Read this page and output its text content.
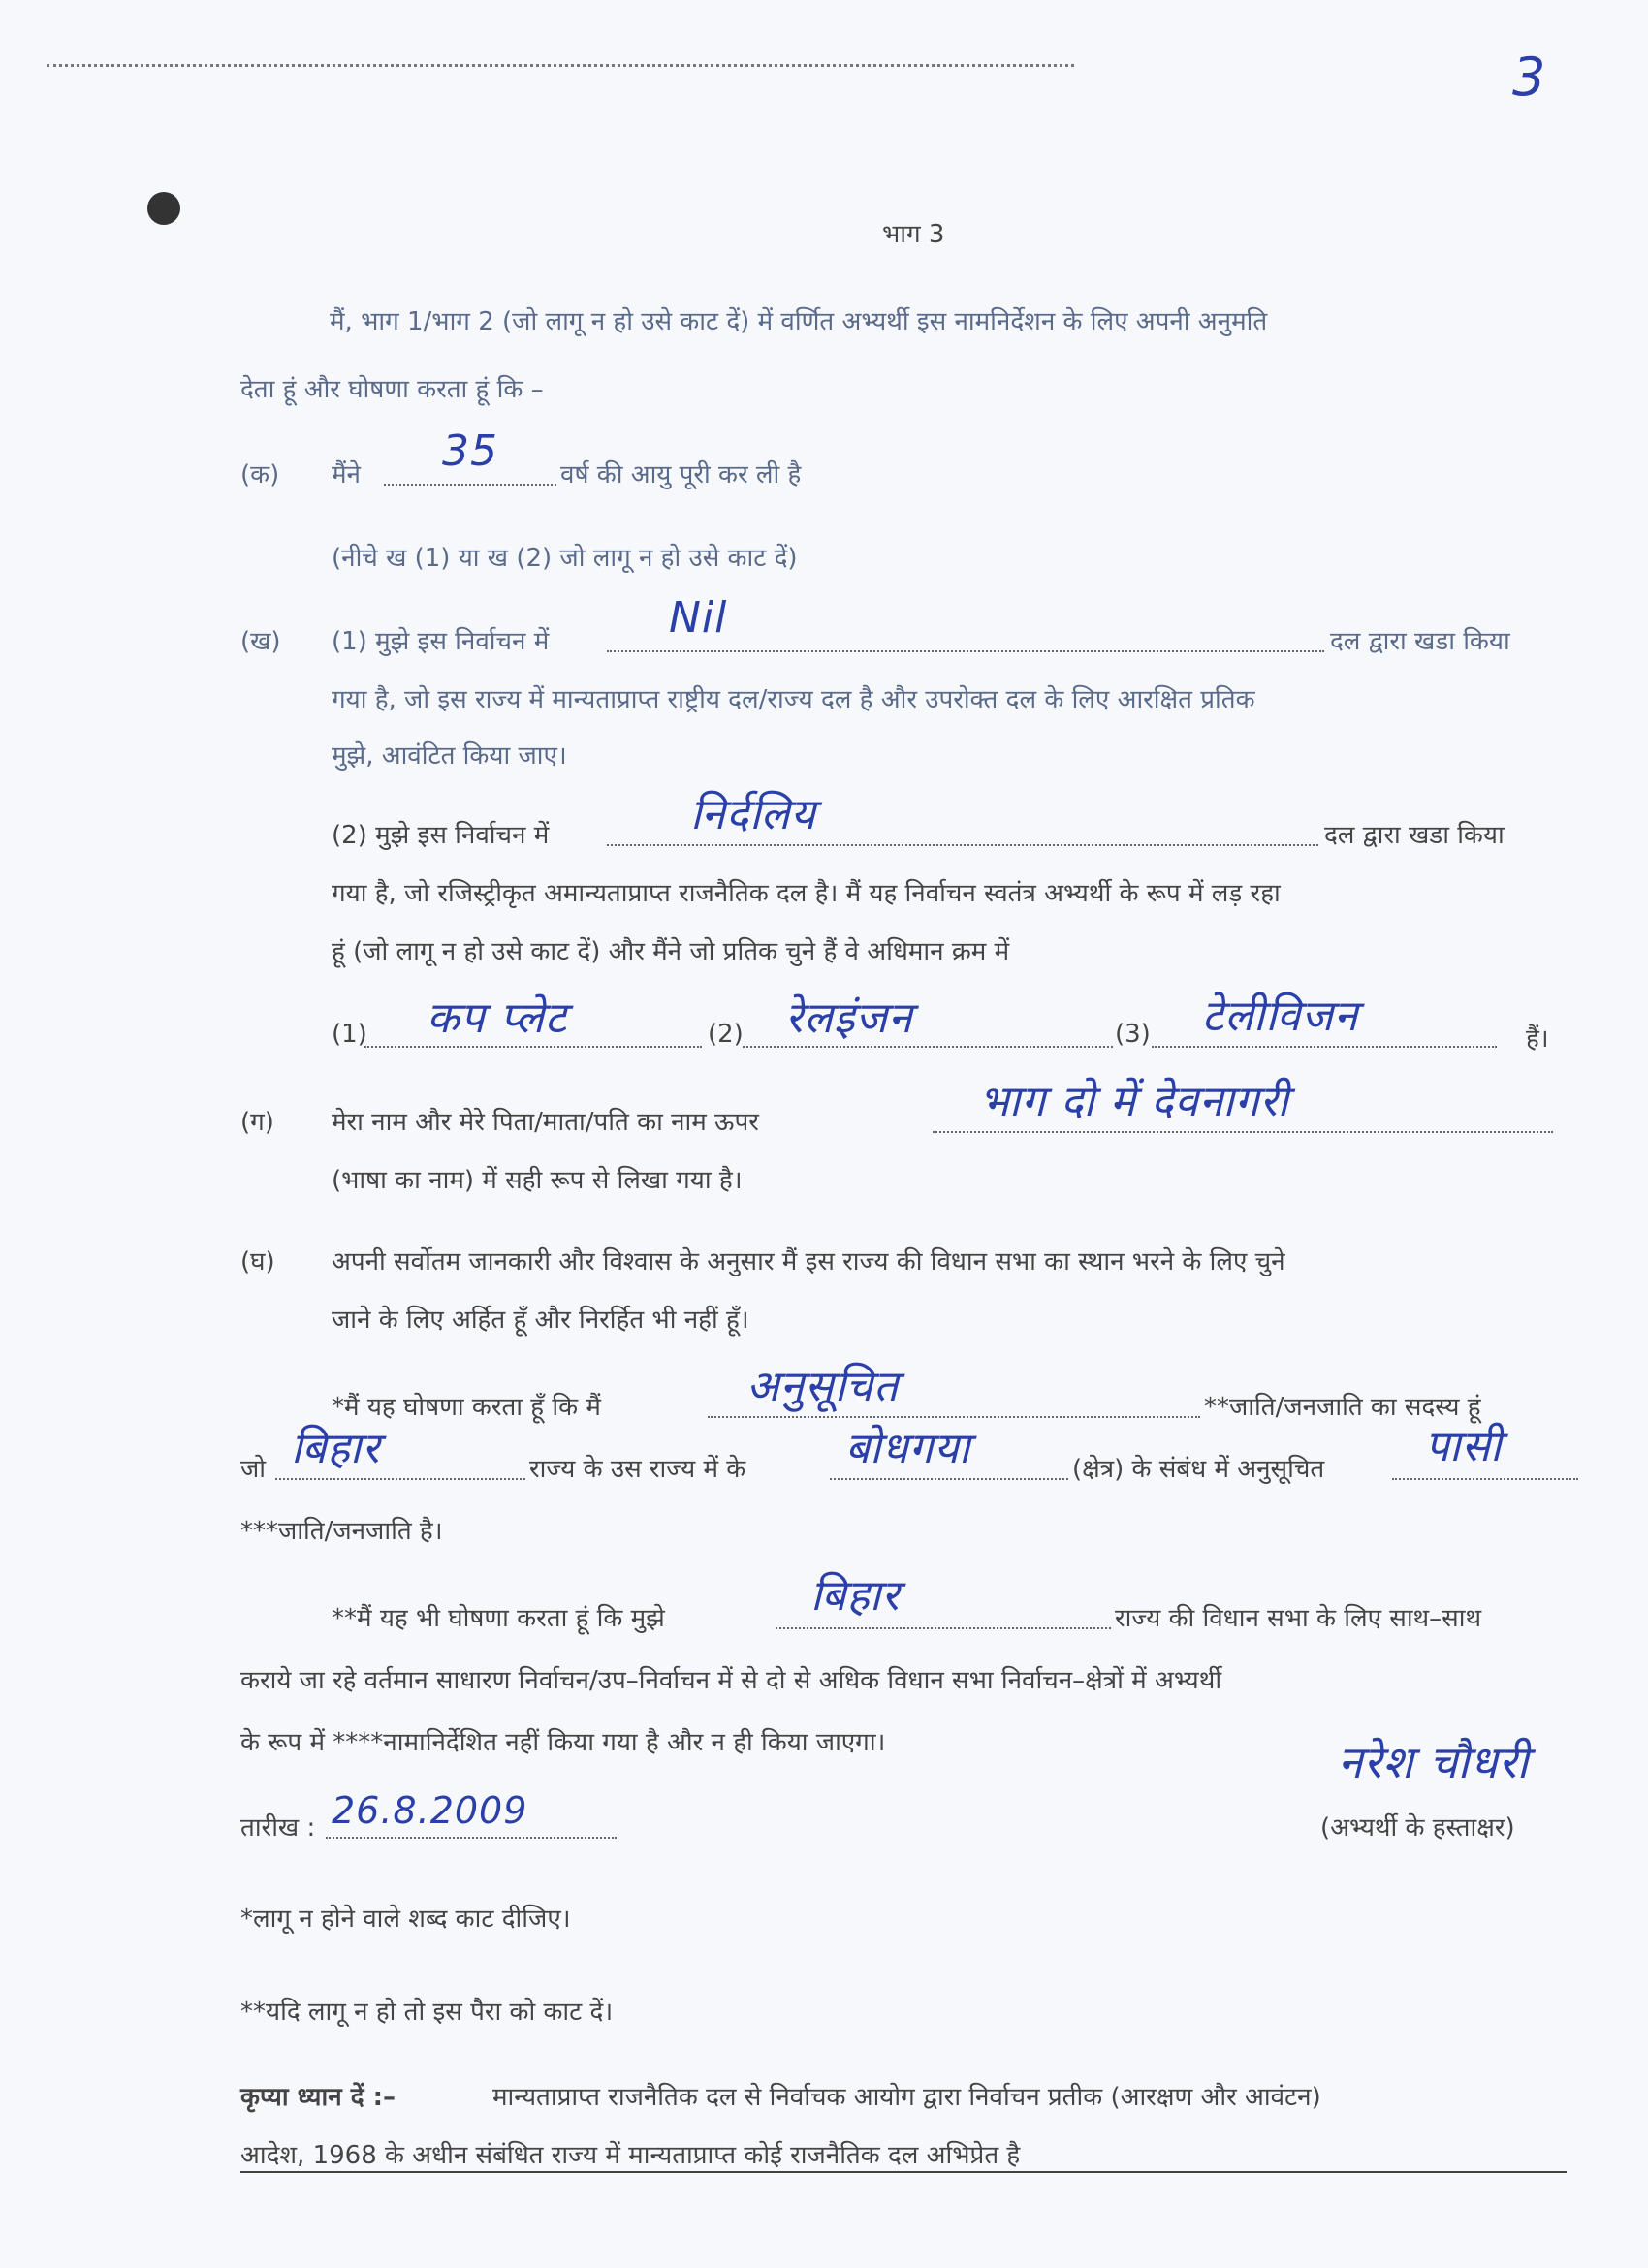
3
भाग 3
मैं, भाग 1/भाग 2 (जो लागू न हो उसे काट दें) में वर्णित अभ्यर्थी इस नामनिर्देशन के लिए अपनी अनुमति
देता हूं और घोषणा करता हूं कि –
(क) मैंने 35 वर्ष की आयु पूरी कर ली है
(नीचे ख (1) या ख (2) जो लागू न हो उसे काट दें)
(ख) (1) मुझे इस निर्वाचन में	Nil	दल द्वारा खडा किया
गया है, जो इस राज्य में मान्यताप्राप्त राष्ट्रीय दल/राज्य दल है और उपरोक्त दल के लिए आरक्षित प्रतिक
मुझे, आवंटित किया जाए।
(2) मुझे इस निर्वाचन में	निर्दलिय	दल द्वारा खडा किया
गया है, जो रजिस्ट्रीकृत अमान्यताप्राप्त राजनैतिक दल है। मैं यह निर्वाचन स्वतंत्र अभ्यर्थी के रूप में लड़ रहा
हूं (जो लागू न हो उसे काट दें) और मैंने जो प्रतिक चुने हैं वे अधिमान क्रम में
(1) कप प्लेट	(2) रेलइंजन	(3) टेलीविजन	हैं।
(ग) मेरा नाम और मेरे पिता/माता/पति का नाम ऊपर	भाग दो में देवनागरी
(भाषा का नाम) में सही रूप से लिखा गया है।
(घ) अपनी सर्वोतम जानकारी और विश्वास के अनुसार मैं इस राज्य की विधान सभा का स्थान भरने के लिए चुने
जाने के लिए अर्हित हूँ और निरर्हित भी नहीं हूँ।
*मैं यह घोषणा करता हूँ कि मैं	अनुसूचित	**जाति/जनजाति का सदस्य हूं
जो बिहार	राज्य के उस राज्य में के बोधगया	(क्षेत्र) के संबंध में अनुसूचित पासी
***जाति/जनजाति है।
**मैं यह भी घोषणा करता हूं कि मुझे	बिहार	राज्य की विधान सभा के लिए साथ–साथ
कराये जा रहे वर्तमान साधारण निर्वाचन/उप–निर्वाचन में से दो से अधिक विधान सभा निर्वाचन–क्षेत्रों में अभ्यर्थी
के रूप में ****नामानिर्देशित नहीं किया गया है और न ही किया जाएगा।
तारीख : 26.8.2009
नरेश चौधरी
(अभ्यर्थी के हस्ताक्षर)
*लागू न होने वाले शब्द काट दीजिए।
**यदि लागू न हो तो इस पैरा को काट दें।
कृप्या ध्यान दें :–	मान्यताप्राप्त राजनैतिक दल से निर्वाचक आयोग द्वारा निर्वाचन प्रतीक (आरक्षण और आवंटन)
आदेश, 1968 के अधीन संबंधित राज्य में मान्यताप्राप्त कोई राजनैतिक दल अभिप्रेत है
